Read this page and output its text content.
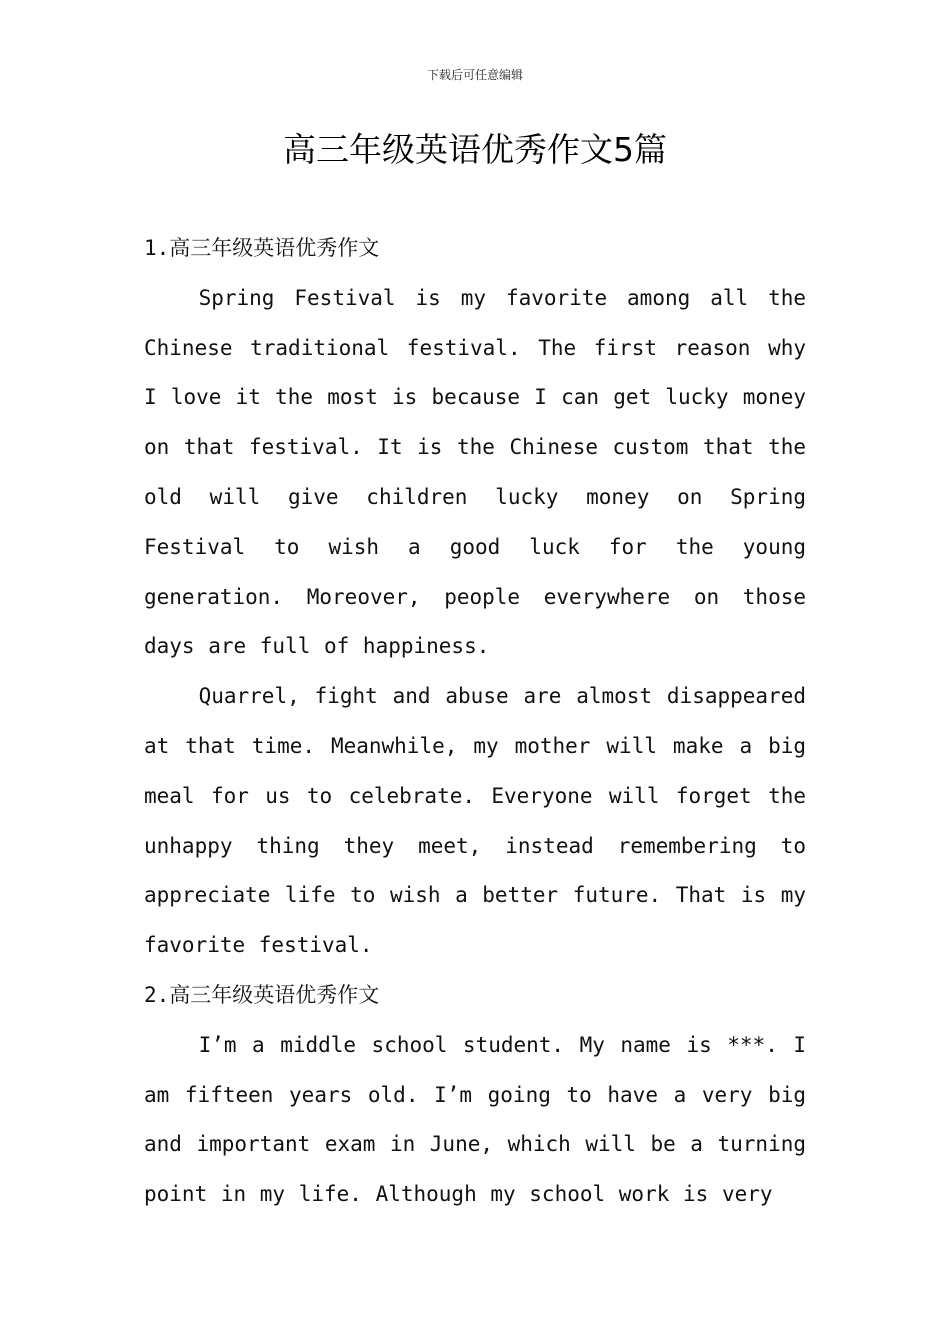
下载后可任意编辑
高三年级英语优秀作文5篇
1.高三年级英语优秀作文

Spring Festival is my favorite among all the Chinese traditional festival. The first reason why I love it the most is because I can get lucky money on that festival. It is the Chinese custom that the old will give children lucky money on Spring Festival to wish a good luck for the young generation. Moreover, people everywhere on those days are full of happiness.

Quarrel, fight and abuse are almost disappeared at that time. Meanwhile, my mother will make a big meal for us to celebrate. Everyone will forget the unhappy thing they meet, instead remembering to appreciate life to wish a better future. That is my favorite festival.

2.高三年级英语优秀作文

I’m a middle school student. My name is ***. I am fifteen years old. I’m going to have a very big and important exam in June, which will be a turning point in my life. Although my school work is very
